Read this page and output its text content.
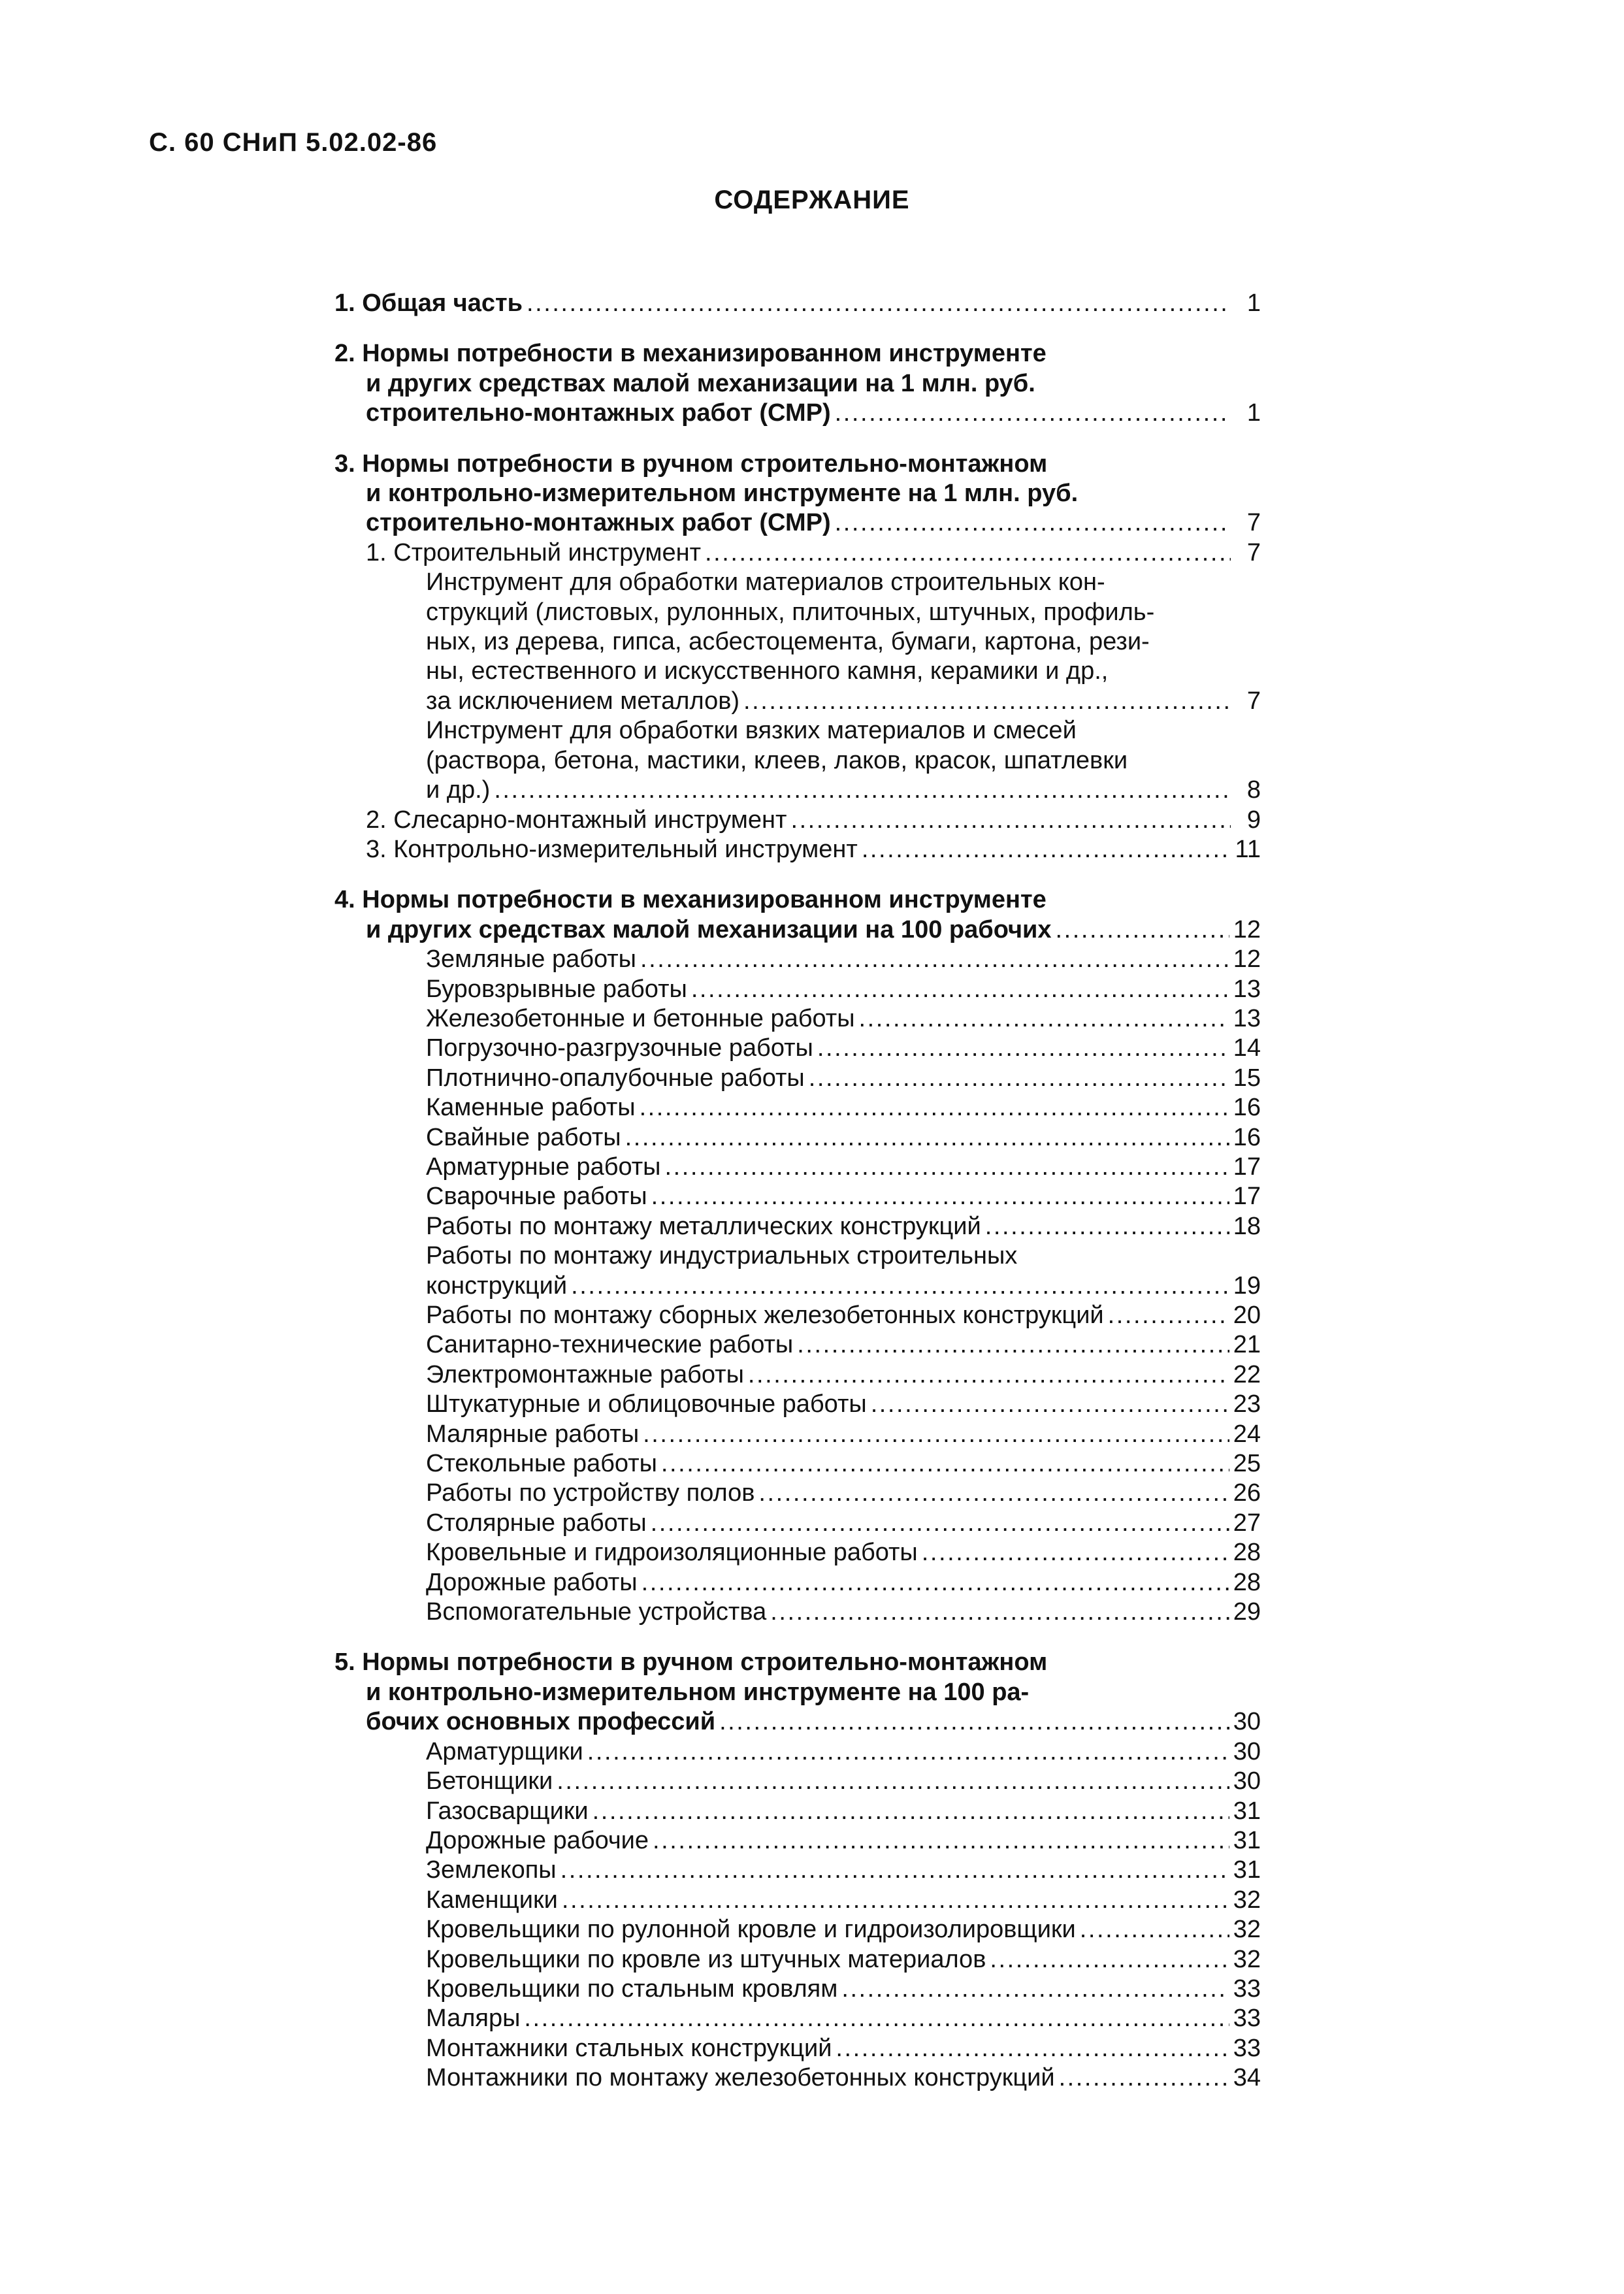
С. 60 СНиП 5.02.02-86
СОДЕРЖАНИЕ
1. Общая часть . . .	1
2. Нормы потребности в механизированном инструменте
и других средствах малой механизации на 1 млн. руб.
строительно-монтажных работ (СМР) . . .	1
3. Нормы потребности в ручном строительно-монтажном
и контрольно-измерительном инструменте на 1 млн. руб.
строительно-монтажных работ (СМР) . . .	7
1. Строительный инструмент . . .	7
Инструмент для обработки материалов строительных кон-
струкций (листовых, рулонных, плиточных, штучных, профиль-
ных, из дерева, гипса, асбестоцемента, бумаги, картона, рези-
ны, естественного и искусственного камня, керамики и др.,
за исключением металлов) . . .	7
Инструмент для обработки вязких материалов и смесей
(раствора, бетона, мастики, клеев, лаков, красок, шпатлевки
и др.) . . .	8
2. Слесарно-монтажный инструмент . . .	9
3. Контрольно-измерительный инструмент . . .	11
4. Нормы потребности в механизированном инструменте
и других средствах малой механизации на 100 рабочих . . .	12
Земляные работы . . .	12
Буровзрывные работы . . .	13
Железобетонные и бетонные работы . . .	13
Погрузочно-разгрузочные работы . . .	14
Плотнично-опалубочные работы . . .	15
Каменные работы . . .	16
Свайные работы . . .	16
Арматурные работы . . .	17
Сварочные работы . . .	17
Работы по монтажу металлических конструкций . . .	18
Работы по монтажу индустриальных строительных
конструкций . . .	19
Работы по монтажу сборных железобетонных конструкций . . .	20
Санитарно-технические работы . . .	21
Электромонтажные работы . . .	22
Штукатурные и облицовочные работы . . .	23
Малярные работы . . .	24
Стекольные работы . . .	25
Работы по устройству полов . . .	26
Столярные работы . . .	27
Кровельные и гидроизоляционные работы . . .	28
Дорожные работы . . .	28
Вспомогательные устройства . . .	29
5. Нормы потребности в ручном строительно-монтажном
и контрольно-измерительном инструменте на 100 ра-
бочих основных профессий . . .	30
Арматурщики . . .	30
Бетонщики . . .	30
Газосварщики . . .	31
Дорожные рабочие . . .	31
Землекопы . . .	31
Каменщики . . .	32
Кровельщики по рулонной кровле и гидроизолировщики . . .	32
Кровельщики по кровле из штучных материалов . . .	32
Кровельщики по стальным кровлям . . .	33
Маляры . . .	33
Монтажники стальных конструкций . . .	33
Монтажники по монтажу железобетонных конструкций . . .	34
